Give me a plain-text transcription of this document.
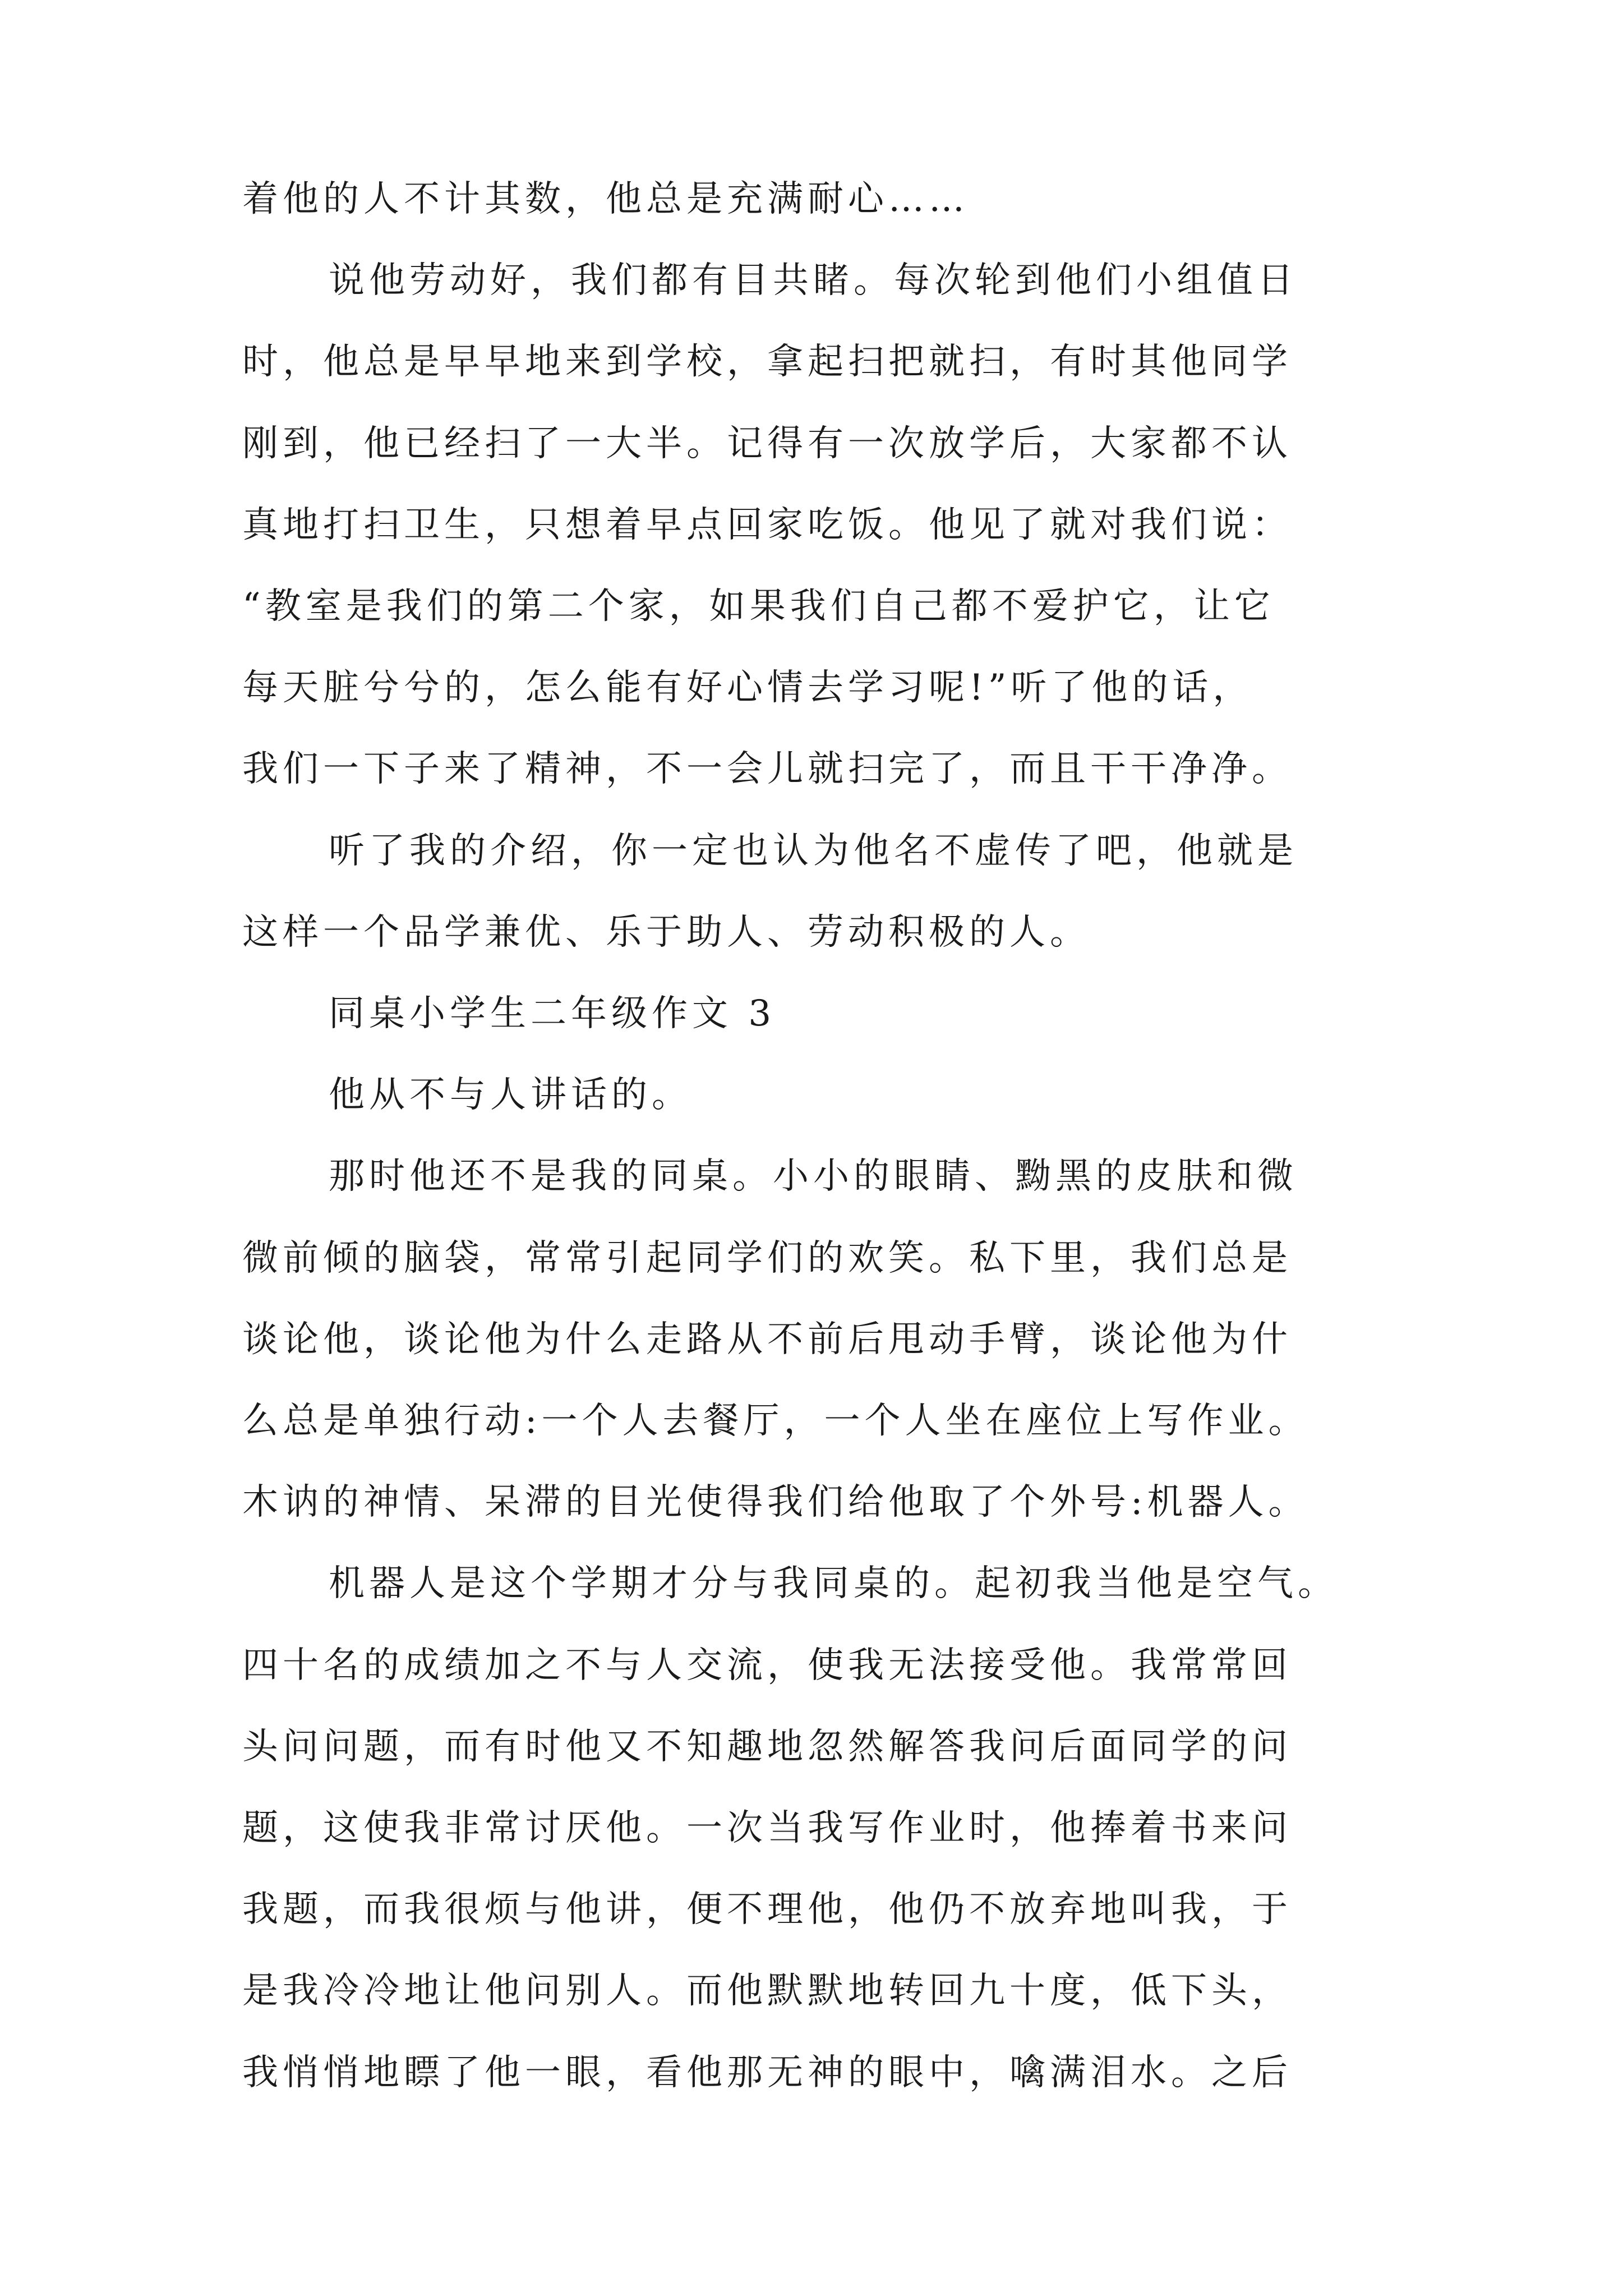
着他的人不计其数，他总是充满耐心……
说他劳动好，我们都有目共睹。每次轮到他们小组值日
时，他总是早早地来到学校，拿起扫把就扫，有时其他同学
刚到，他已经扫了一大半。记得有一次放学后，大家都不认
真地打扫卫生，只想着早点回家吃饭。他见了就对我们说：
“教室是我们的第二个家，如果我们自己都不爱护它，让它
每天脏兮兮的，怎么能有好心情去学习呢!”听了他的话，
我们一下子来了精神，不一会儿就扫完了，而且干干净净。
听了我的介绍，你一定也认为他名不虚传了吧，他就是
这样一个品学兼优、乐于助人、劳动积极的人。
同桌小学生二年级作文 3
他从不与人讲话的。
那时他还不是我的同桌。小小的眼睛、黝黑的皮肤和微
微前倾的脑袋，常常引起同学们的欢笑。私下里，我们总是
谈论他，谈论他为什么走路从不前后甩动手臂，谈论他为什
么总是单独行动:一个人去餐厅，一个人坐在座位上写作业。
木讷的神情、呆滞的目光使得我们给他取了个外号:机器人。
机器人是这个学期才分与我同桌的。起初我当他是空气。
四十名的成绩加之不与人交流，使我无法接受他。我常常回
头问问题，而有时他又不知趣地忽然解答我问后面同学的问
题，这使我非常讨厌他。一次当我写作业时，他捧着书来问
我题，而我很烦与他讲，便不理他，他仍不放弃地叫我，于
是我冷冷地让他问别人。而他默默地转回九十度，低下头，
我悄悄地瞟了他一眼，看他那无神的眼中，噙满泪水。之后
